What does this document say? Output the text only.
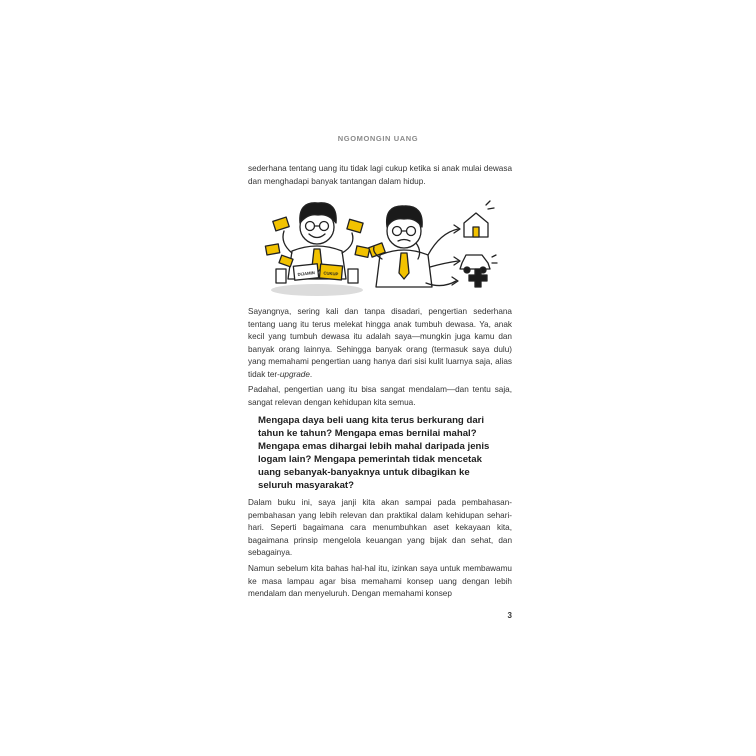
NGOMONGIN UANG

sederhana tentang uang itu tidak lagi cukup ketika si anak mulai dewasa dan menghadapi banyak tantangan dalam hidup.

DIJAMIN CUKUP

Sayangnya, sering kali dan tanpa disadari, pengertian sederhana tentang uang itu terus melekat hingga anak tumbuh dewasa. Ya, anak kecil yang tumbuh dewasa itu adalah saya—mungkin juga kamu dan banyak orang lainnya. Sehingga banyak orang (termasuk saya dulu) yang memahami pengertian uang hanya dari sisi kulit luarnya saja, alias tidak ter-upgrade.

Padahal, pengertian uang itu bisa sangat mendalam—dan tentu saja, sangat relevan dengan kehidupan kita semua.

Mengapa daya beli uang kita terus berkurang dari tahun ke tahun? Mengapa emas bernilai mahal? Mengapa emas dihargai lebih mahal daripada jenis logam lain? Mengapa pemerintah tidak mencetak uang sebanyak-banyaknya untuk dibagikan ke seluruh masyarakat?

Dalam buku ini, saya janji kita akan sampai pada pembahasan-pembahasan yang lebih relevan dan praktikal dalam kehidupan sehari-hari. Seperti bagaimana cara menumbuhkan aset kekayaan kita, bagaimana prinsip mengelola keuangan yang bijak dan sehat, dan sebagainya.

Namun sebelum kita bahas hal-hal itu, izinkan saya untuk membawamu ke masa lampau agar bisa memahami konsep uang dengan lebih mendalam dan menyeluruh. Dengan memahami konsep

3
